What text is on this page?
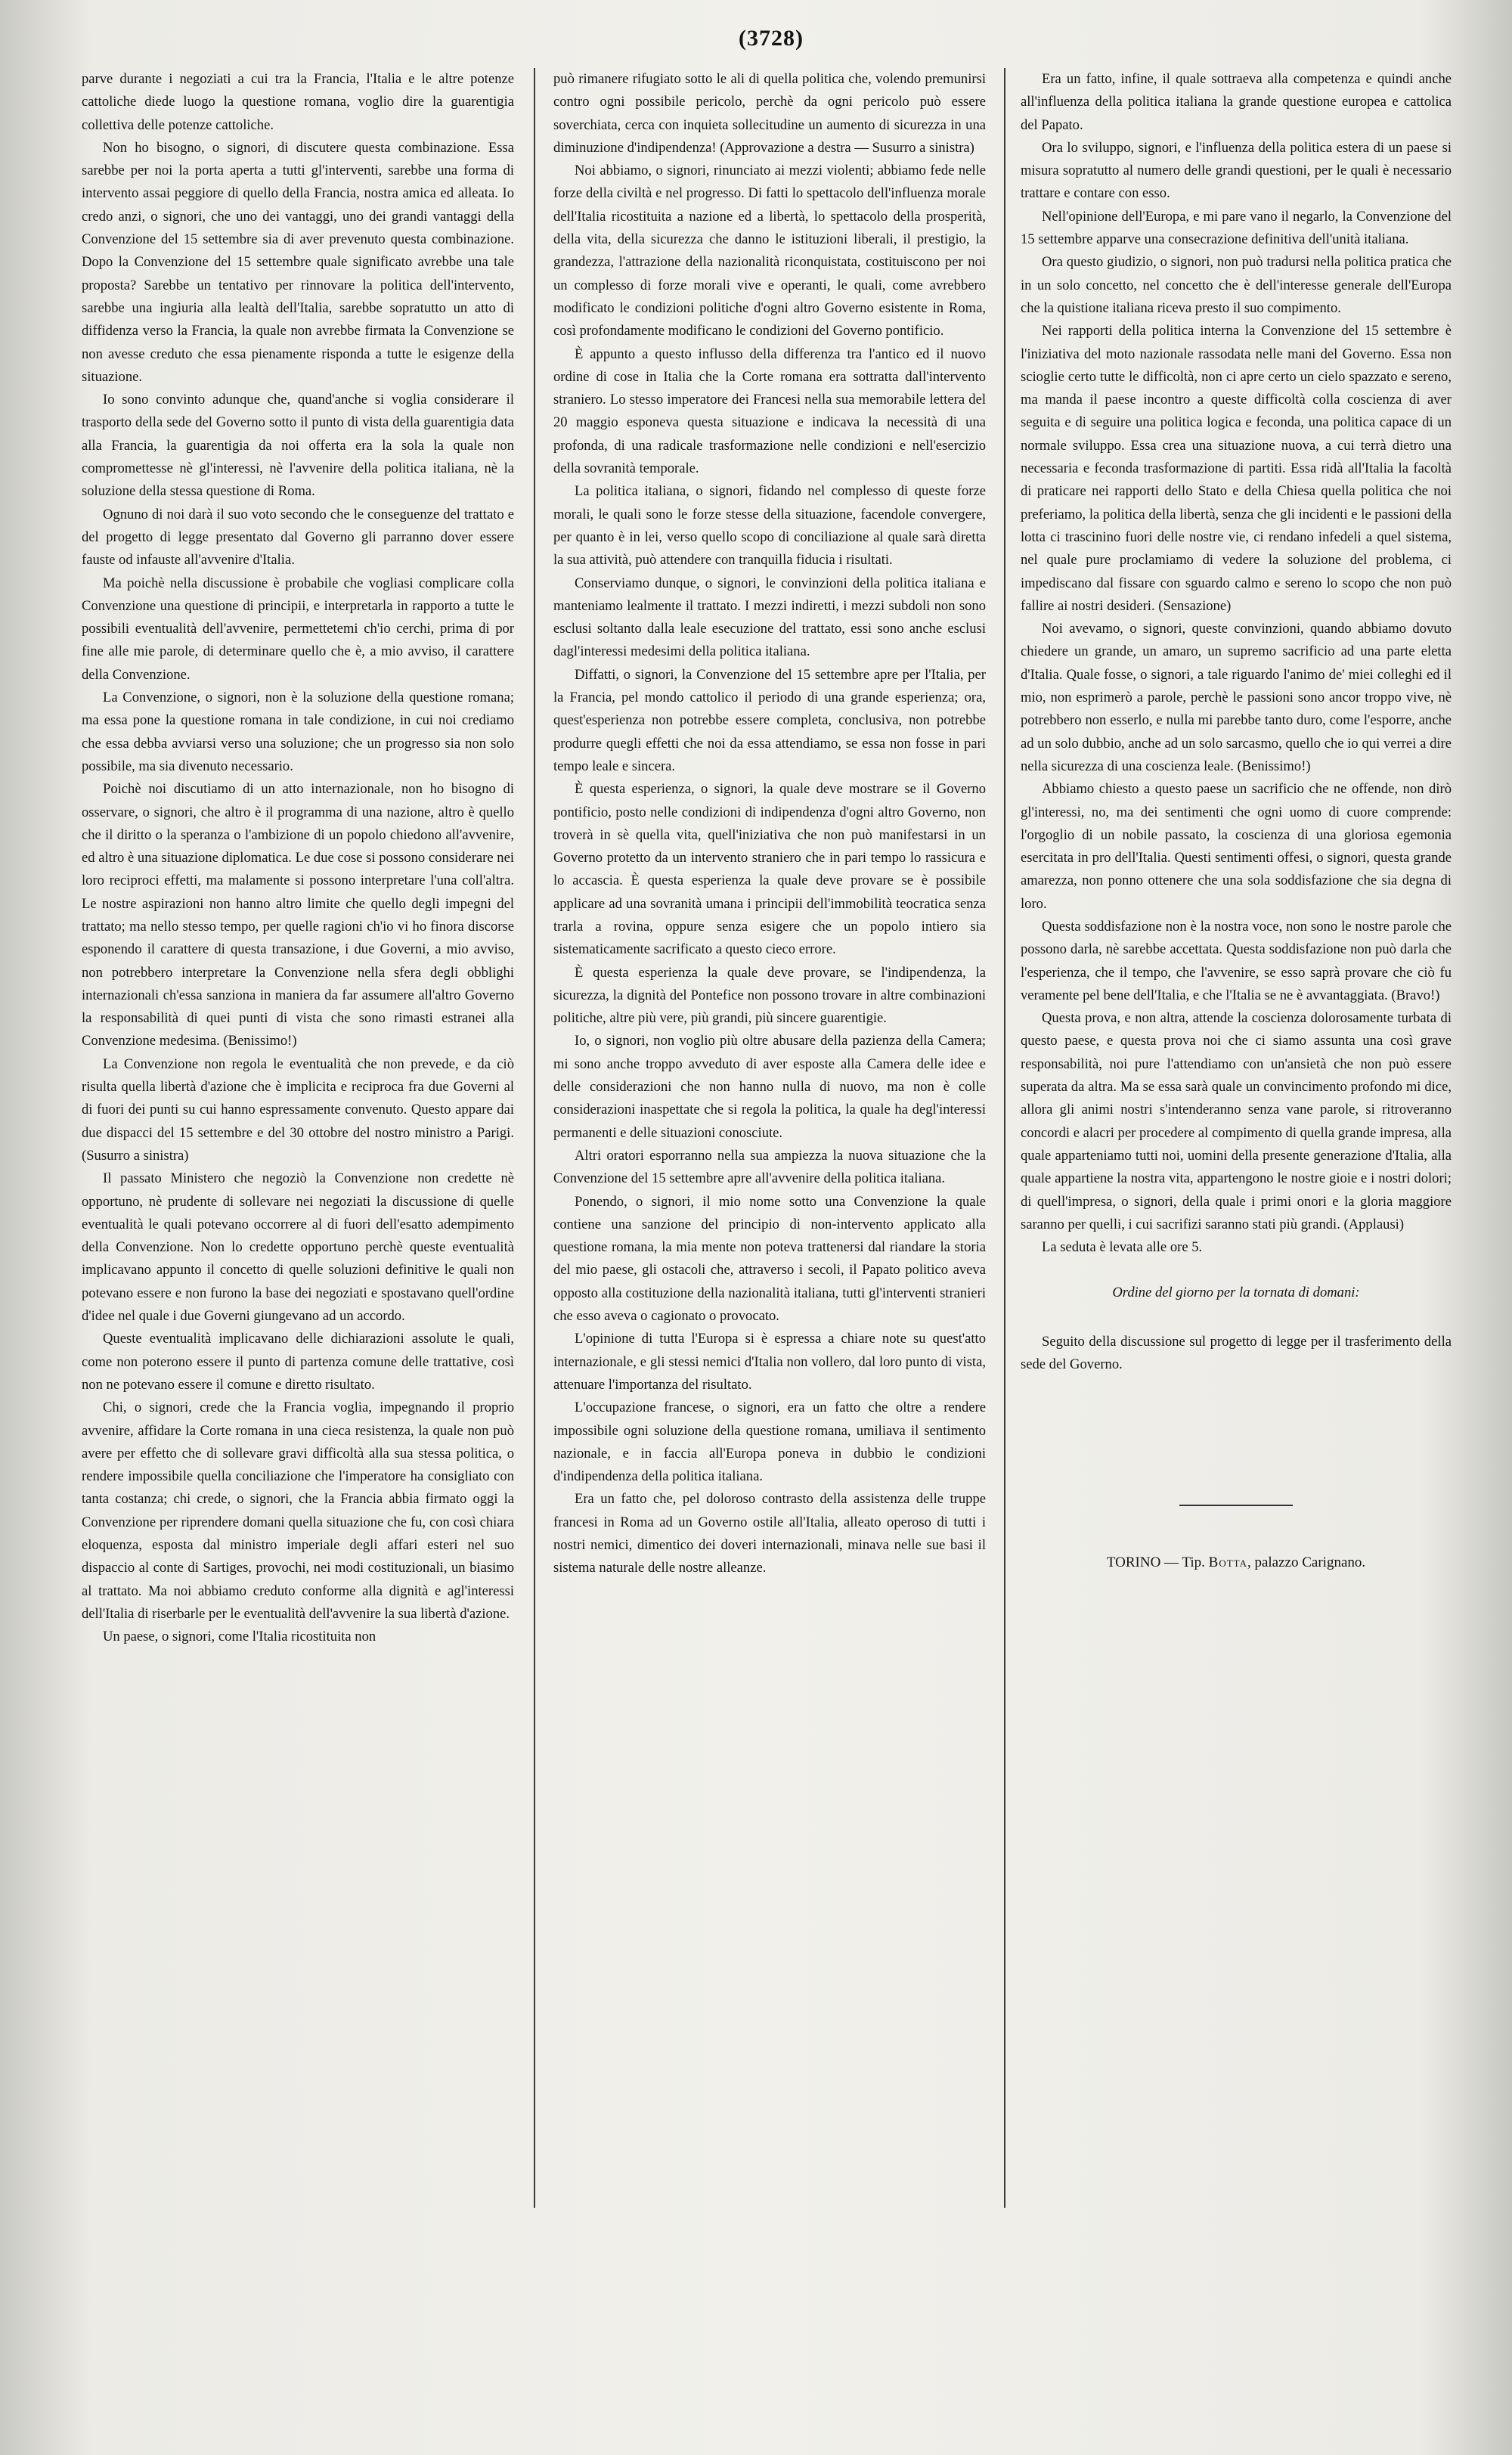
(3728)

parve durante i negoziati a cui tra la Francia, l'Italia e le altre potenze cattoliche diede luogo la questione romana, voglio dire la guarentigia collettiva delle potenze cattoliche.

Non ho bisogno, o signori, di discutere questa combinazione. Essa sarebbe per noi la porta aperta a tutti gl'interventi, sarebbe una forma di intervento assai peggiore di quello della Francia, nostra amica ed alleata. Io credo anzi, o signori, che uno dei vantaggi, uno dei grandi vantaggi della Convenzione del 15 settembre sia di aver prevenuto questa combinazione. Dopo la Convenzione del 15 settembre quale significato avrebbe una tale proposta? Sarebbe un tentativo per rinnovare la politica dell'intervento, sarebbe una ingiuria alla lealtà dell'Italia, sarebbe sopratutto un atto di diffidenza verso la Francia, la quale non avrebbe firmata la Convenzione se non avesse creduto che essa pienamente risponda a tutte le esigenze della situazione.

Io sono convinto adunque che, quand'anche si voglia considerare il trasporto della sede del Governo sotto il punto di vista della guarentigia data alla Francia, la guarentigia da noi offerta era la sola la quale non compromettesse nè gl'interessi, nè l'avvenire della politica italiana, nè la soluzione della stessa questione di Roma.

Ognuno di noi darà il suo voto secondo che le conseguenze del trattato e del progetto di legge presentato dal Governo gli parranno dover essere fauste od infauste all'avvenire d'Italia.

Ma poichè nella discussione è probabile che vogliasi complicare colla Convenzione una questione di principii, e interpretarla in rapporto a tutte le possibili eventualità dell'avvenire, permettetemi ch'io cerchi, prima di por fine alle mie parole, di determinare quello che è, a mio avviso, il carattere della Convenzione.

La Convenzione, o signori, non è la soluzione della questione romana; ma essa pone la questione romana in tale condizione, in cui noi crediamo che essa debba avviarsi verso una soluzione; che un progresso sia non solo possibile, ma sia divenuto necessario.

Poichè noi discutiamo di un atto internazionale, non ho bisogno di osservare, o signori, che altro è il programma di una nazione, altro è quello che il diritto o la speranza o l'ambizione di un popolo chiedono all'avvenire, ed altro è una situazione diplomatica. Le due cose si possono considerare nei loro reciproci effetti, ma malamente si possono interpretare l'una coll'altra. Le nostre aspirazioni non hanno altro limite che quello degli impegni del trattato; ma nello stesso tempo, per quelle ragioni ch'io vi ho finora discorse esponendo il carattere di questa transazione, i due Governi, a mio avviso, non potrebbero interpretare la Convenzione nella sfera degli obblighi internazionali ch'essa sanziona in maniera da far assumere all'altro Governo la responsabilità di quei punti di vista che sono rimasti estranei alla Convenzione medesima. (Benissimo!)

La Convenzione non regola le eventualità che non prevede, e da ciò risulta quella libertà d'azione che è implicita e reciproca fra due Governi al di fuori dei punti su cui hanno espressamente convenuto. Questo appare dai due dispacci del 15 settembre e del 30 ottobre del nostro ministro a Parigi. (Susurro a sinistra)

Il passato Ministero che negoziò la Convenzione non credette nè opportuno, nè prudente di sollevare nei negoziati la discussione di quelle eventualità le quali potevano occorrere al di fuori dell'esatto adempimento della Convenzione. Non lo credette opportuno perchè queste eventualità implicavano appunto il concetto di quelle soluzioni definitive le quali non potevano essere e non furono la base dei negoziati e spostavano quell'ordine d'idee nel quale i due Governi giungevano ad un accordo.

Queste eventualità implicavano delle dichiarazioni assolute le quali, come non poterono essere il punto di partenza comune delle trattative, così non ne potevano essere il comune e diretto risultato.

Chi, o signori, crede che la Francia voglia, impegnando il proprio avvenire, affidare la Corte romana in una cieca resistenza, la quale non può avere per effetto che di sollevare gravi difficoltà alla sua stessa politica, o rendere impossibile quella conciliazione che l'imperatore ha consigliato con tanta costanza; chi crede, o signori, che la Francia abbia firmato oggi la Convenzione per riprendere domani quella situazione che fu, con così chiara eloquenza, esposta dal ministro imperiale degli affari esteri nel suo dispaccio al conte di Sartiges, provochi, nei modi costituzionali, un biasimo al trattato. Ma noi abbiamo creduto conforme alla dignità e agl'interessi dell'Italia di riserbarle per le eventualità dell'avvenire la sua libertà d'azione.

Un paese, o signori, come l'Italia ricostituita non

può rimanere rifugiato sotto le ali di quella politica che, volendo premunirsi contro ogni possibile pericolo, perchè da ogni pericolo può essere soverchiata, cerca con inquieta sollecitudine un aumento di sicurezza in una diminuzione d'indipendenza! (Approvazione a destra — Susurro a sinistra)

Noi abbiamo, o signori, rinunciato ai mezzi violenti; abbiamo fede nelle forze della civiltà e nel progresso. Di fatti lo spettacolo dell'influenza morale dell'Italia ricostituita a nazione ed a libertà, lo spettacolo della prosperità, della vita, della sicurezza che danno le istituzioni liberali, il prestigio, la grandezza, l'attrazione della nazionalità riconquistata, costituiscono per noi un complesso di forze morali vive e operanti, le quali, come avrebbero modificato le condizioni politiche d'ogni altro Governo esistente in Roma, così profondamente modificano le condizioni del Governo pontificio.

È appunto a questo influsso della differenza tra l'antico ed il nuovo ordine di cose in Italia che la Corte romana era sottratta dall'intervento straniero. Lo stesso imperatore dei Francesi nella sua memorabile lettera del 20 maggio esponeva questa situazione e indicava la necessità di una profonda, di una radicale trasformazione nelle condizioni e nell'esercizio della sovranità temporale.

La politica italiana, o signori, fidando nel complesso di queste forze morali, le quali sono le forze stesse della situazione, facendole convergere, per quanto è in lei, verso quello scopo di conciliazione al quale sarà diretta la sua attività, può attendere con tranquilla fiducia i risultati.

Conserviamo dunque, o signori, le convinzioni della politica italiana e manteniamo lealmente il trattato. I mezzi indiretti, i mezzi subdoli non sono esclusi soltanto dalla leale esecuzione del trattato, essi sono anche esclusi dagl'interessi medesimi della politica italiana.

Diffatti, o signori, la Convenzione del 15 settembre apre per l'Italia, per la Francia, pel mondo cattolico il periodo di una grande esperienza; ora, quest'esperienza non potrebbe essere completa, conclusiva, non potrebbe produrre quegli effetti che noi da essa attendiamo, se essa non fosse in pari tempo leale e sincera.

È questa esperienza, o signori, la quale deve mostrare se il Governo pontificio, posto nelle condizioni di indipendenza d'ogni altro Governo, non troverà in sè quella vita, quell'iniziativa che non può manifestarsi in un Governo protetto da un intervento straniero che in pari tempo lo rassicura e lo accascia. È questa esperienza la quale deve provare se è possibile applicare ad una sovranità umana i principii dell'immobilità teocratica senza trarla a rovina, oppure senza esigere che un popolo intiero sia sistematicamente sacrificato a questo cieco errore.

È questa esperienza la quale deve provare, se l'indipendenza, la sicurezza, la dignità del Pontefice non possono trovare in altre combinazioni politiche, altre più vere, più grandi, più sincere guarentigie.

Io, o signori, non voglio più oltre abusare della pazienza della Camera; mi sono anche troppo avveduto di aver esposte alla Camera delle idee e delle considerazioni che non hanno nulla di nuovo, ma non è colle considerazioni inaspettate che si regola la politica, la quale ha degl'interessi permanenti e delle situazioni conosciute.

Altri oratori esporranno nella sua ampiezza la nuova situazione che la Convenzione del 15 settembre apre all'avvenire della politica italiana.

Ponendo, o signori, il mio nome sotto una Convenzione la quale contiene una sanzione del principio di non-intervento applicato alla questione romana, la mia mente non poteva trattenersi dal riandare la storia del mio paese, gli ostacoli che, attraverso i secoli, il Papato politico aveva opposto alla costituzione della nazionalità italiana, tutti gl'interventi stranieri che esso aveva o cagionato o provocato.

L'opinione di tutta l'Europa si è espressa a chiare note su quest'atto internazionale, e gli stessi nemici d'Italia non vollero, dal loro punto di vista, attenuare l'importanza del risultato.

L'occupazione francese, o signori, era un fatto che oltre a rendere impossibile ogni soluzione della questione romana, umiliava il sentimento nazionale, e in faccia all'Europa poneva in dubbio le condizioni d'indipendenza della politica italiana.

Era un fatto che, pel doloroso contrasto della assistenza delle truppe francesi in Roma ad un Governo ostile all'Italia, alleato operoso di tutti i nostri nemici, dimentico dei doveri internazionali, minava nelle sue basi il sistema naturale delle nostre alleanze.

Era un fatto, infine, il quale sottraeva alla competenza e quindi anche all'influenza della politica italiana la grande questione europea e cattolica del Papato.

Ora lo sviluppo, signori, e l'influenza della politica estera di un paese si misura sopratutto al numero delle grandi questioni, per le quali è necessario trattare e contare con esso.

Nell'opinione dell'Europa, e mi pare vano il negarlo, la Convenzione del 15 settembre apparve una consecrazione definitiva dell'unità italiana.

Ora questo giudizio, o signori, non può tradursi nella politica pratica che in un solo concetto, nel concetto che è dell'interesse generale dell'Europa che la quistione italiana riceva presto il suo compimento.

Nei rapporti della politica interna la Convenzione del 15 settembre è l'iniziativa del moto nazionale rassodata nelle mani del Governo. Essa non scioglie certo tutte le difficoltà, non ci apre certo un cielo spazzato e sereno, ma manda il paese incontro a queste difficoltà colla coscienza di aver seguita e di seguire una politica logica e feconda, una politica capace di un normale sviluppo. Essa crea una situazione nuova, a cui terrà dietro una necessaria e feconda trasformazione di partiti. Essa ridà all'Italia la facoltà di praticare nei rapporti dello Stato e della Chiesa quella politica che noi preferiamo, la politica della libertà, senza che gli incidenti e le passioni della lotta ci trascinino fuori delle nostre vie, ci rendano infedeli a quel sistema, nel quale pure proclamiamo di vedere la soluzione del problema, ci impediscano dal fissare con sguardo calmo e sereno lo scopo che non può fallire ai nostri desideri. (Sensazione)

Noi avevamo, o signori, queste convinzioni, quando abbiamo dovuto chiedere un grande, un amaro, un supremo sacrificio ad una parte eletta d'Italia. Quale fosse, o signori, a tale riguardo l'animo de' miei colleghi ed il mio, non esprimerò a parole, perchè le passioni sono ancor troppo vive, nè potrebbero non esserlo, e nulla mi parebbe tanto duro, come l'esporre, anche ad un solo dubbio, anche ad un solo sarcasmo, quello che io qui verrei a dire nella sicurezza di una coscienza leale. (Benissimo!)

Abbiamo chiesto a questo paese un sacrificio che ne offende, non dirò gl'interessi, no, ma dei sentimenti che ogni uomo di cuore comprende: l'orgoglio di un nobile passato, la coscienza di una gloriosa egemonia esercitata in pro dell'Italia. Questi sentimenti offesi, o signori, questa grande amarezza, non ponno ottenere che una sola soddisfazione che sia degna di loro.

Questa soddisfazione non è la nostra voce, non sono le nostre parole che possono darla, nè sarebbe accettata. Questa soddisfazione non può darla che l'esperienza, che il tempo, che l'avvenire, se esso saprà provare che ciò fu veramente pel bene dell'Italia, e che l'Italia se ne è avvantaggiata. (Bravo!)

Questa prova, e non altra, attende la coscienza dolorosamente turbata di questo paese, e questa prova noi che ci siamo assunta una così grave responsabilità, noi pure l'attendiamo con un'ansietà che non può essere superata da altra. Ma se essa sarà quale un convincimento profondo mi dice, allora gli animi nostri s'intenderanno senza vane parole, si ritroveranno concordi e alacri per procedere al compimento di quella grande impresa, alla quale apparteniamo tutti noi, uomini della presente generazione d'Italia, alla quale appartiene la nostra vita, appartengono le nostre gioie e i nostri dolori; di quell'impresa, o signori, della quale i primi onori e la gloria maggiore saranno per quelli, i cui sacrifizi saranno stati più grandi. (Applausi)

La seduta è levata alle ore 5.

Ordine del giorno per la tornata di domani:

Seguito della discussione sul progetto di legge per il trasferimento della sede del Governo.

TORINO — Tip. Botta, palazzo Carignano.
